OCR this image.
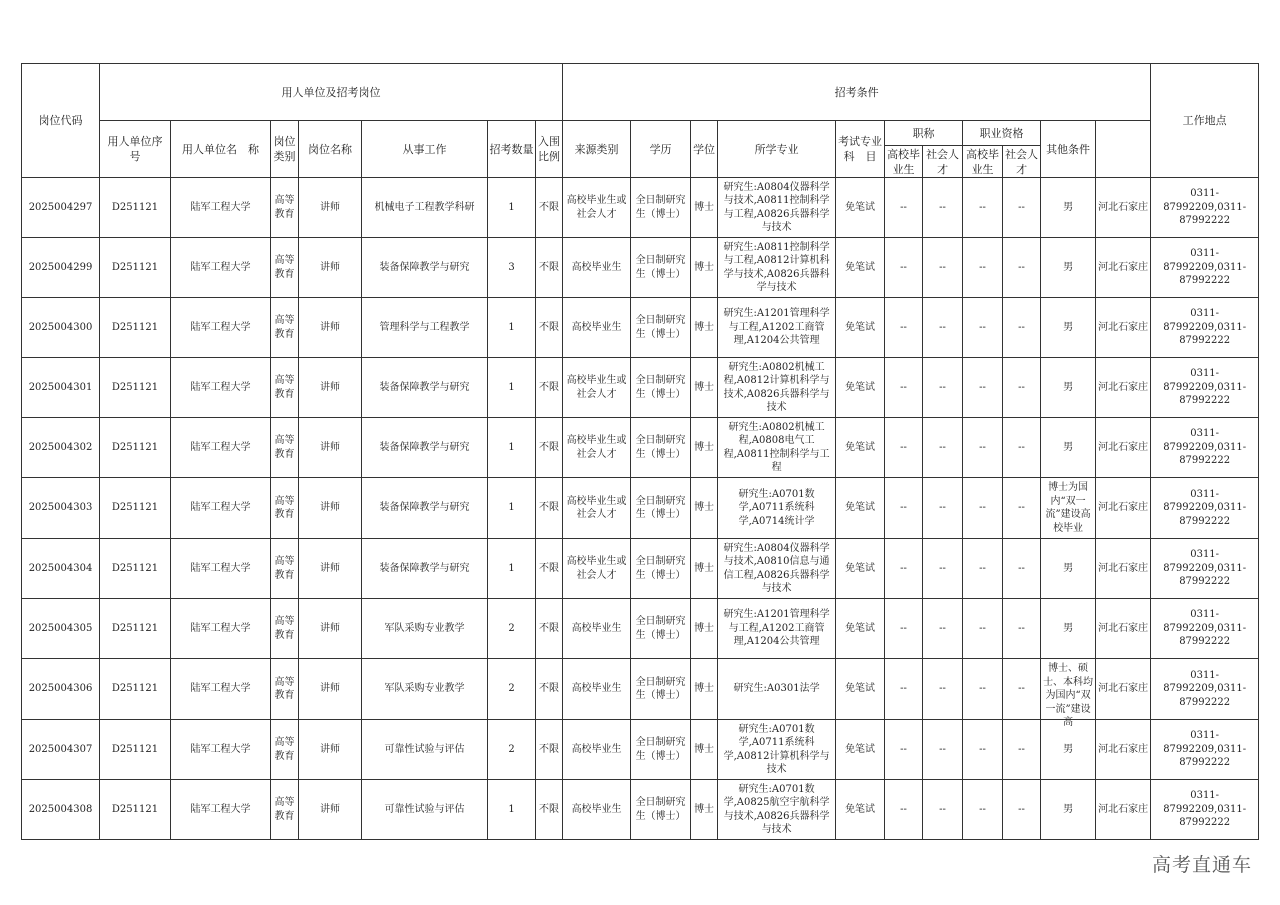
岗位代码	用人单位及招考岗位							招考条件											工作地点	
	用人单位序　号	用人单位名　称	岗位类别	岗位名称	从事工作	招考数量	入围比例	来源类别	学历	学位	所学专业	考试专业科　目	职称		职业资格		其他条件			
													高校毕业生	社会人才	高校毕业生	社会人才				
2025004297	D251121	陆军工程大学	高等教育	讲师	机械电子工程教学科研	1	不限	高校毕业生或社会人才	全日制研究生（博士）	博士	研究生:A0804仪器科学与技术,A0811控制科学与工程,A0826兵器科学与技术	免笔试	--	--	--	--	男	河北石家庄	0311-87992209,0311-87992222	
2025004299	D251121	陆军工程大学	高等教育	讲师	装备保障教学与研究	3	不限	高校毕业生	全日制研究生（博士）	博士	研究生:A0811控制科学与工程,A0812计算机科学与技术,A0826兵器科学与技术	免笔试	--	--	--	--	男	河北石家庄	0311-87992209,0311-87992222	
2025004300	D251121	陆军工程大学	高等教育	讲师	管理科学与工程教学	1	不限	高校毕业生	全日制研究生（博士）	博士	研究生:A1201管理科学与工程,A1202工商管理,A1204公共管理	免笔试	--	--	--	--	男	河北石家庄	0311-87992209,0311-87992222	
2025004301	D251121	陆军工程大学	高等教育	讲师	装备保障教学与研究	1	不限	高校毕业生或社会人才	全日制研究生（博士）	博士	研究生:A0802机械工程,A0812计算机科学与技术,A0826兵器科学与技术	免笔试	--	--	--	--	男	河北石家庄	0311-87992209,0311-87992222	
2025004302	D251121	陆军工程大学	高等教育	讲师	装备保障教学与研究	1	不限	高校毕业生或社会人才	全日制研究生（博士）	博士	研究生:A0802机械工程,A0808电气工程,A0811控制科学与工程	免笔试	--	--	--	--	男	河北石家庄	0311-87992209,0311-87992222	
2025004303	D251121	陆军工程大学	高等教育	讲师	装备保障教学与研究	1	不限	高校毕业生或社会人才	全日制研究生（博士）	博士	研究生:A0701数学,A0711系统科学,A0714统计学	免笔试	--	--	--	--	博士为国内“双一流”建设高校毕业	河北石家庄	0311-87992209,0311-87992222	
2025004304	D251121	陆军工程大学	高等教育	讲师	装备保障教学与研究	1	不限	高校毕业生或社会人才	全日制研究生（博士）	博士	研究生:A0804仪器科学与技术,A0810信息与通信工程,A0826兵器科学与技术	免笔试	--	--	--	--	男	河北石家庄	0311-87992209,0311-87992222	
2025004305	D251121	陆军工程大学	高等教育	讲师	军队采购专业教学	2	不限	高校毕业生	全日制研究生（博士）	博士	研究生:A1201管理科学与工程,A1202工商管理,A1204公共管理	免笔试	--	--	--	--	男	河北石家庄	0311-87992209,0311-87992222	
2025004306	D251121	陆军工程大学	高等教育	讲师	军队采购专业教学	2	不限	高校毕业生	全日制研究生（博士）	博士	研究生:A0301法学	免笔试	--	--	--	--	博士、硕士、本科均为国内“双一流”建设高	河北石家庄	0311-87992209,0311-87992222	
2025004307	D251121	陆军工程大学	高等教育	讲师	可靠性试验与评估	2	不限	高校毕业生	全日制研究生（博士）	博士	研究生:A0701数学,A0711系统科学,A0812计算机科学与技术	免笔试	--	--	--	--	男	河北石家庄	0311-87992209,0311-87992222	
2025004308	D251121	陆军工程大学	高等教育	讲师	可靠性试验与评估	1	不限	高校毕业生	全日制研究生（博士）	博士	研究生:A0701数学,A0825航空宇航科学与技术,A0826兵器科学与技术	免笔试	--	--	--	--	男	河北石家庄	0311-87992209,0311-87992222	
高考直通车
